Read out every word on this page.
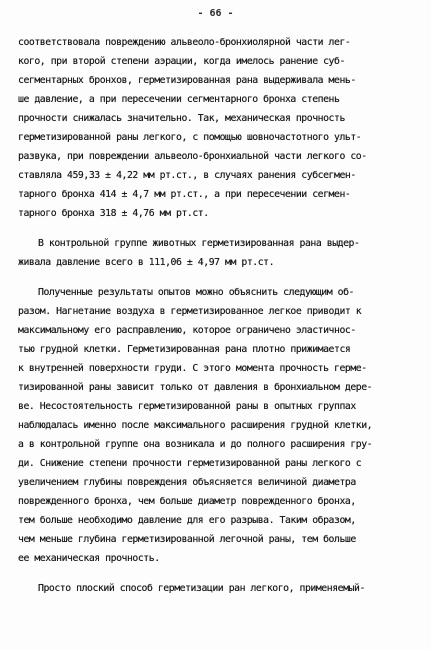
- 66 -
соответствовала повреждению альвеоло-бронхиолярной части лег-
кого, при второй степени аэрации, когда имелось ранение суб-
сегментарных бронхов, герметизированная рана выдерживала мень-
ше давление, а при пересечении сегментарного бронха степень
прочности снижалась значительно. Так, механическая прочность
герметизированной раны легкого, с помощью шовночастотного ульт-
развука, при повреждении альвеоло-бронхиальной части легкого со-
ставляла 459,33 ± 4,22 мм рт.ст., в случаях ранения субсегмен-
тарного бронха 414 ± 4,7 мм рт.ст., а при пересечении сегмен-
тарного бронха 318 ± 4,76 мм рт.ст.
В контрольной группе животных герметизированная рана выдер-
живала давление всего в 111,06 ± 4,97 мм рт.ст.
Полученные результаты опытов можно объяснить следующим об-
разом. Нагнетание воздуха в герметизированное легкое приводит к
максимальному его расправлению, которое ограничено эластичнос-
тью грудной клетки. Герметизированная рана плотно прижимается
к внутренней поверхности груди. С этого момента прочность герме-
тизированной раны зависит только от давления в бронхиальном дере-
ве. Несостоятельность герметизированной раны в опытных группах
наблюдалась именно после максимального расширения грудной клетки,
а в контрольной группе она возникала и до полного расширения гру-
ди. Снижение степени прочности герметизированной раны легкого с
увеличением глубины повреждения объясняется величиной диаметра
поврежденного бронха, чем больше диаметр поврежденного бронха,
тем больше необходимо давление для его разрыва. Таким образом,
чем меньше глубина герметизированной легочной раны, тем больше
ее механическая прочность.
Просто плоский способ герметизации ран легкого, применяемый-
